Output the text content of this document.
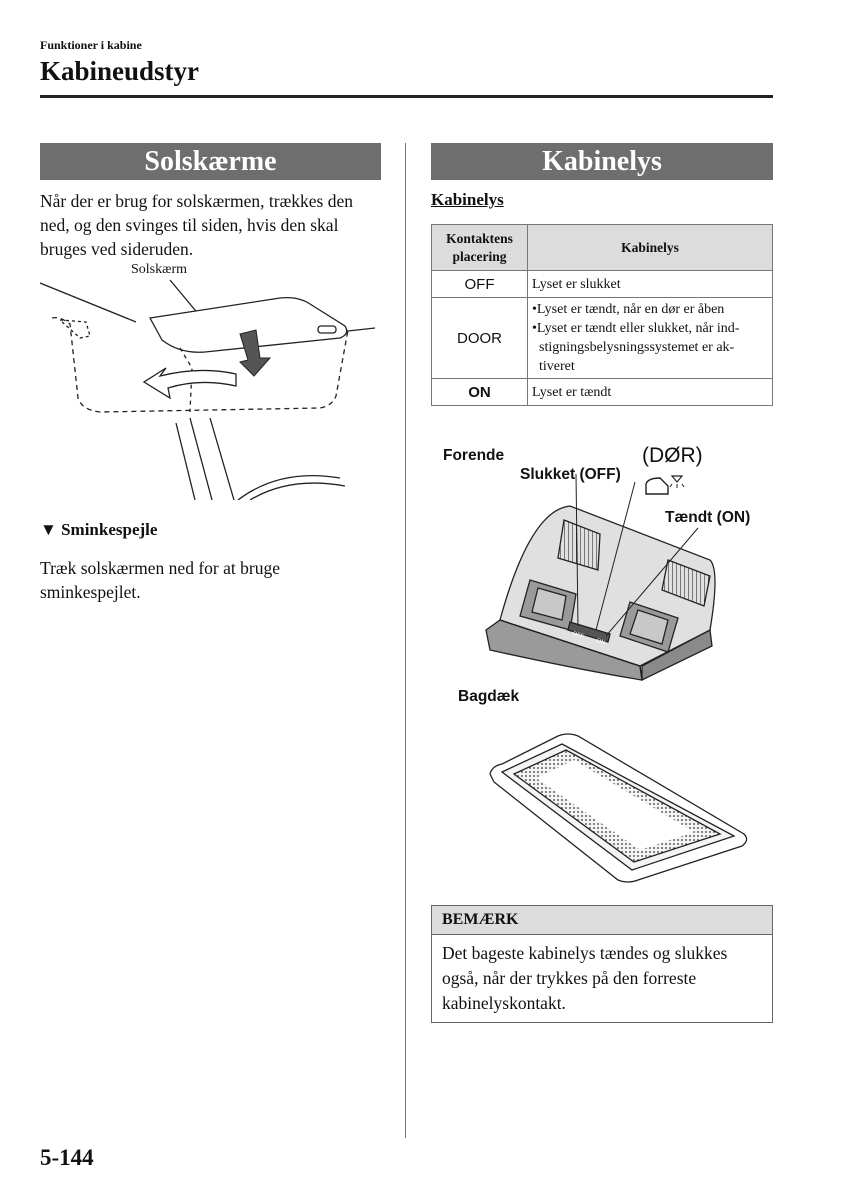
Funktioner i kabine
Kabineudstyr
Solskærme
Når der er brug for solskærmen, trækkes den ned, og den svinges til siden, hvis den skal bruges ved sideruden.
Solskærm
▼ Sminkespejle
Træk solskærmen ned for at bruge sminkespejlet.
Kabinelys
Kabinelys
Kontaktens placering	Kabinelys
OFF	Lyset er slukket
DOOR	•Lyset er tændt, når en dør er åben
•Lyset er tændt eller slukket, når ind-stigningsbelysningssystemet er ak-tiveret

ON	Lyset er tændt
Forende	(DØR)
Slukket (OFF)
Tændt (ON)
Bagdæk
OFF
ON
BEMÆRK
Det bageste kabinelys tændes og slukkes også, når der trykkes på den forreste kabinelyskontakt.
5-144
